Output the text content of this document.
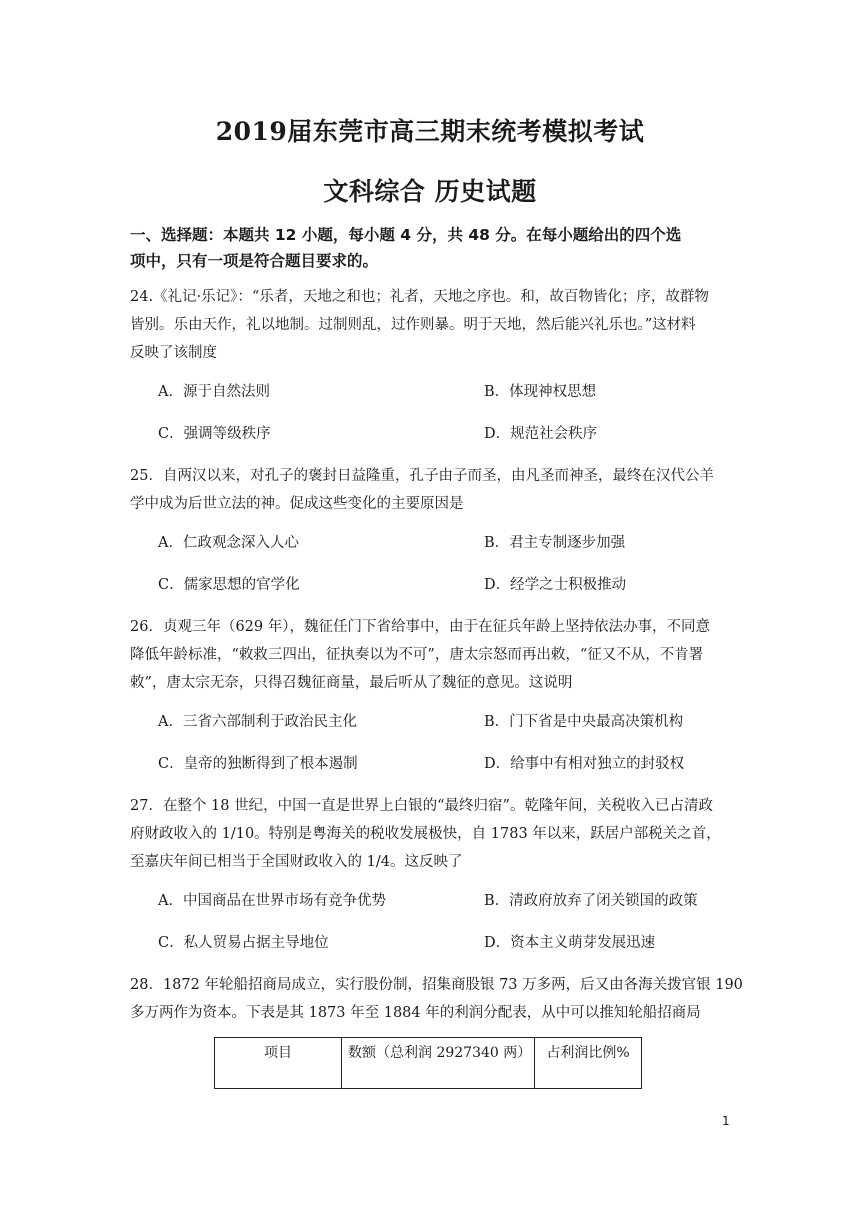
2019届东莞市高三期末统考模拟考试
文科综合 历史试题
一、选择题：本题共 12 小题，每小题 4 分，共 48 分。在每小题给出的四个选
项中，只有一项是符合题目要求的。
24.《礼记·乐记》：“乐者，天地之和也；礼者，天地之序也。和，故百物皆化；序，故群物
皆别。乐由天作，礼以地制。过制则乱，过作则暴。明于天地，然后能兴礼乐也。”这材料
反映了该制度
A．源于自然法则	B．体现神权思想
C．强调等级秩序	D．规范社会秩序
25．自两汉以来，对孔子的褒封日益隆重，孔子由子而圣，由凡圣而神圣，最终在汉代公羊
学中成为后世立法的神。促成这些变化的主要原因是
A．仁政观念深入人心	B．君主专制逐步加强
C．儒家思想的官学化	D．经学之士积极推动
26．贞观三年（629 年），魏征任门下省给事中，由于在征兵年龄上坚持依法办事，不同意
降低年龄标准，“敕救三四出，征执奏以为不可”，唐太宗怒而再出敕，“征又不从，不肯署
敕”，唐太宗无奈，只得召魏征商量，最后听从了魏征的意见。这说明
A．三省六部制利于政治民主化	B．门下省是中央最高决策机构
C．皇帝的独断得到了根本遏制	D．给事中有相对独立的封驳权
27．在整个 18 世纪，中国一直是世界上白银的“最终归宿”。乾隆年间，关税收入已占清政
府财政收入的 1/10。特别是粤海关的税收发展极快，自 1783 年以来，跃居户部税关之首，
至嘉庆年间已相当于全国财政收入的 1/4。这反映了
A．中国商品在世界市场有竞争优势	B．清政府放弃了闭关锁国的政策
C．私人贸易占据主导地位	D．资本主义萌芽发展迅速
28．1872 年轮船招商局成立，实行股份制，招集商股银 73 万多两，后又由各海关拨官银 190
多万两作为资本。下表是其 1873 年至 1884 年的利润分配表，从中可以推知轮船招商局
项目	数额（总利润 2927340 两）	占利润比例%
1
